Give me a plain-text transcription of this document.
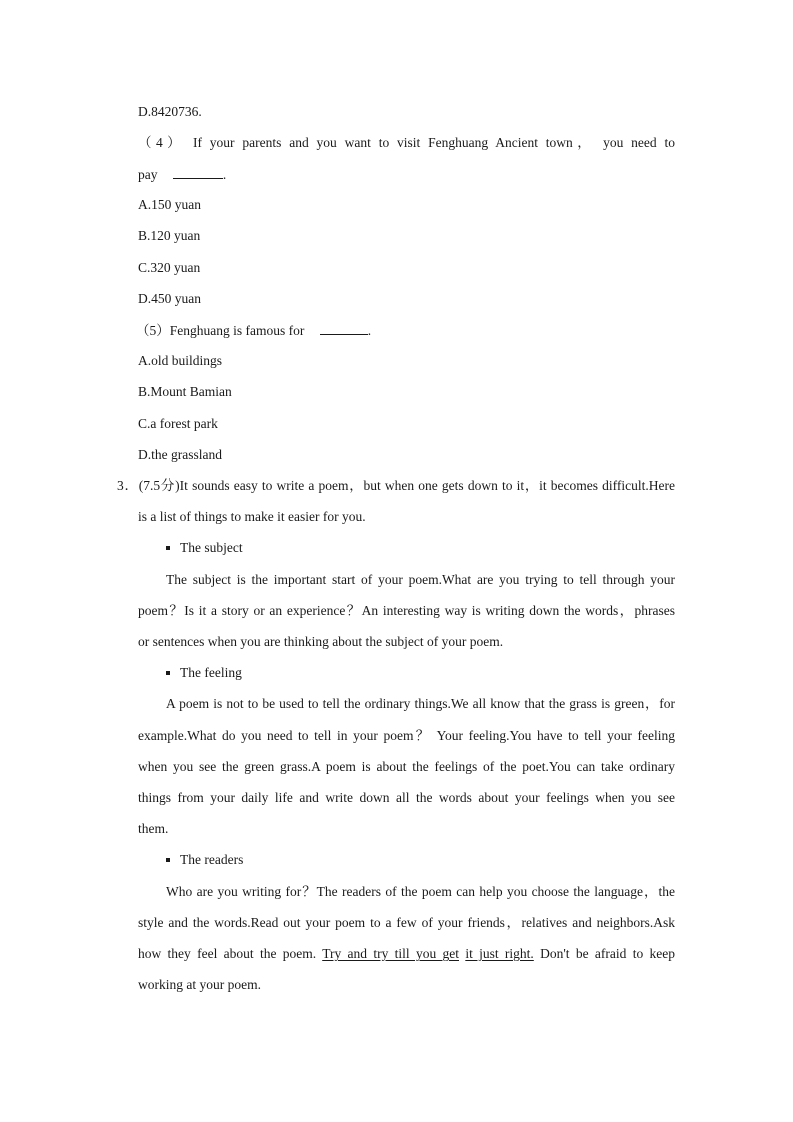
D.8420736.
（4） If your parents and you want to visit Fenghuang Ancient town， you need to
pay	.
A.150 yuan
B.120 yuan
C.320 yuan
D.450 yuan
（5）Fenghuang is famous for	.
A.old buildings
B.Mount Bamian
C.a forest park
D.the grassland
3．(7.5分)It sounds easy to write a poem，but when one gets down to it，it becomes difficult.Here
is a list of things to make it easier for you.
The subject
The subject is the important start of your poem.What are you trying to tell through your
poem？Is it a story or an experience？An interesting way is writing down the words，phrases
or sentences when you are thinking about the subject of your poem.
The feeling
A poem is not to be used to tell the ordinary things.We all know that the grass is green，for
example.What do you need to tell in your poem？ Your feeling.You have to tell your feeling
when you see the green grass.A poem is about the feelings of the poet.You can take ordinary
things from your daily life and write down all the words about your feelings when you see
them.
The readers
Who are you writing for？The readers of the poem can help you choose the language，the
style and the words.Read out your poem to a few of your friends，relatives and neighbors.Ask
how they feel about the poem. Try and try till you get it just right. Don't be afraid to keep
working at your poem.
